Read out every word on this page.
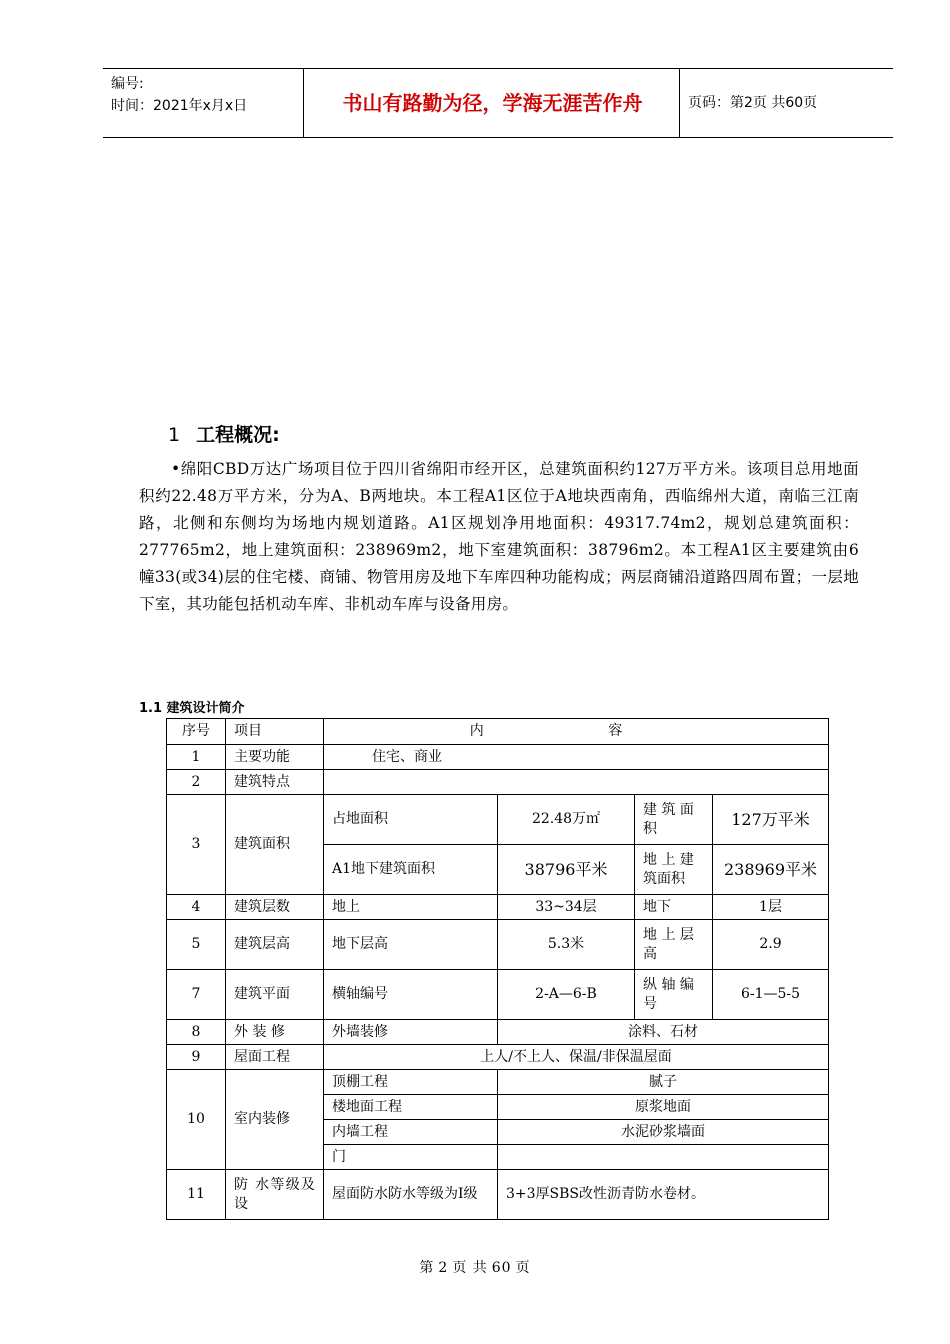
编号:
时间：2021年x月x日	书山有路勤为径，学海无涯苦作舟	页码：第2页 共60页
1 工程概况:
•绵阳CBD万达广场项目位于四川省绵阳市经开区，总建筑面积约127万平方米。该项目总用地面积约22.48万平方米，分为A、B两地块。本工程A1区位于A地块西南角，西临绵州大道，南临三江南路，北侧和东侧均为场地内规划道路。A1区规划净用地面积：49317.74m2，规划总建筑面积：277765m2，地上建筑面积：238969m2，地下室建筑面积：38796m2。本工程A1区主要建筑由6幢33(或34)层的住宅楼、商铺、物管用房及地下车库四种功能构成；两层商铺沿道路四周布置；一层地下室，其功能包括机动车库、非机动车库与设备用房。
1.1 建筑设计简介
序号	项目	内 容			
1	主要功能	住宅、商业			
2	建筑特点				
3	建筑面积	占地面积	22.48万㎡	建 筑 面积	127万平米
		A1地下建筑面积	38796平米	地 上 建筑面积	238969平米
4	建筑层数	地上	33~34层	地下	1层
5	建筑层高	地下层高	5.3米	地 上 层高	2.9
7	建筑平面	横轴编号	2-A—6-B	纵 轴 编号	6-1—5-5
8	外 装 修	外墙装修	涂料、石材		
9	屋面工程	上人/不上人、保温/非保温屋面			
10	室内装修	顶棚工程	腻子		
		楼地面工程	原浆地面		
		内墙工程	水泥砂浆墙面		
		门			
11	防 水等级及设	屋面防水防水等级为Ⅰ级	3+3厚SBS改性沥青防水卷材。		
第 2 页 共 60 页
